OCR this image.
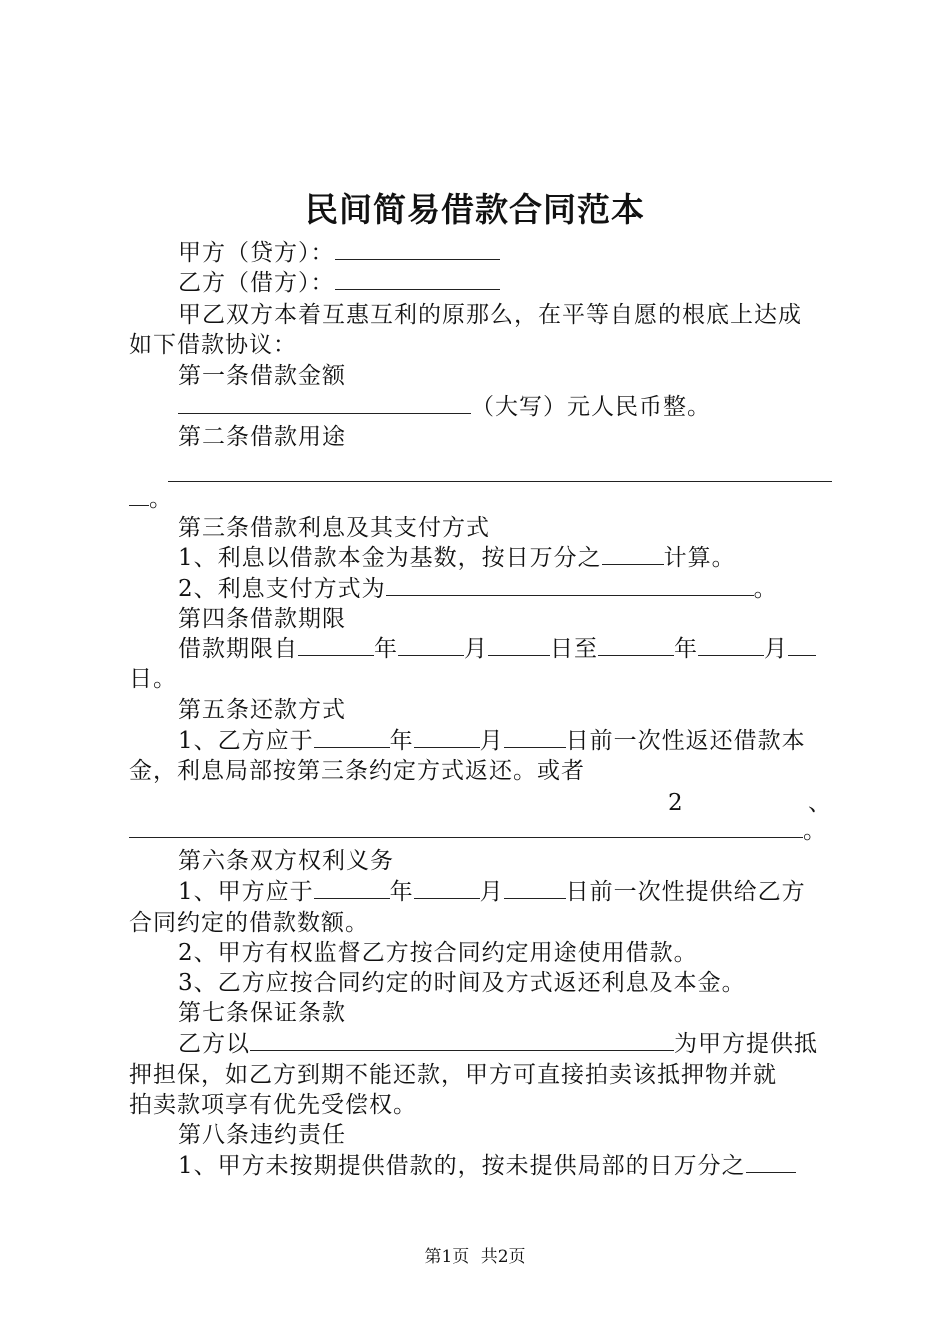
民间简易借款合同范本
甲方（贷方）：
乙方（借方）：
甲乙双方本着互惠互利的原那么，在平等自愿的根底上达成
如下借款协议：
第一条借款金额
（大写）元人民币整。
第二条借款用途
。
第三条借款利息及其支付方式
1、利息以借款本金为基数，按日万分之	计算。
2、利息支付方式为	。
第四条借款期限
借款期限自	年	月	日至	年	月
日。
第五条还款方式
1、乙方应于	年	月	日前一次性返还借款本
金，利息局部按第三条约定方式返还。或者
2	、
。
第六条双方权利义务
1、甲方应于	年	月	日前一次性提供给乙方
合同约定的借款数额。
2、甲方有权监督乙方按合同约定用途使用借款。
3、乙方应按合同约定的时间及方式返还利息及本金。
第七条保证条款
乙方以	为甲方提供抵
押担保，如乙方到期不能还款，甲方可直接拍卖该抵押物并就
拍卖款项享有优先受偿权。
第八条违约责任
1、甲方未按期提供借款的，按未提供局部的日万分之
第1页 共2页
